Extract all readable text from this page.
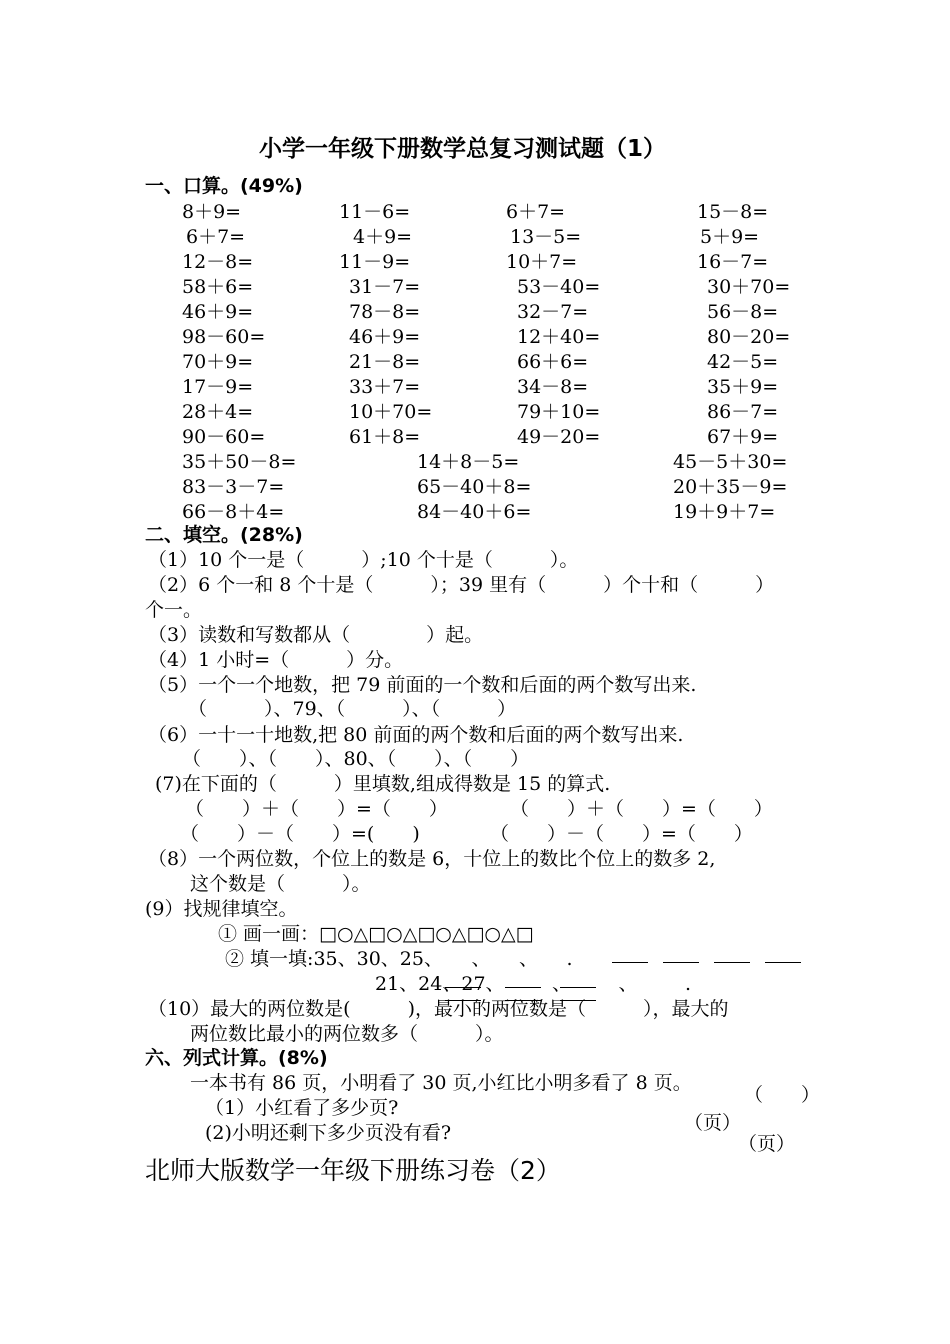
小学一年级下册数学总复习测试题（1）
一、口算。(49%)
8＋9=	11－6=	6＋7=	15－8=
6＋7=	4＋9=	13－5=	5＋9=
12－8=	11－9=	10＋7=	16－7=
58＋6=	31－7=	53－40=	30＋70=
46＋9=	78－8=	32－7=	56－8=
98－60=	46＋9=	12＋40=	80－20=
70＋9=	21－8=	66＋6=	42－5=
17－9=	33＋7=	34－8=	35＋9=
28＋4=	10＋70=	79＋10=	86－7=
90－60=	61＋8=	49－20=	67＋9=
35＋50－8=	14＋8－5=	45－5＋30=
83－3－7=	65－40＋8=	20＋35－9=
66－8＋4=	84－40＋6=	19＋9＋7=
二、填空。(28%)
（1）10 个一是（　　　）;10 个十是（　　　）。
（2）6 个一和 8 个十是（　　　）；39 里有（　　　）个十和（　　　）
个一。
（3）读数和写数都从（　　　　）起。
（4）1 小时=（　　　）分。
（5）一个一个地数，把 79 前面的一个数和后面的两个数写出来.
（　　　）、79、（　　　）、（　　　）
（6）一十一十地数,把 80 前面的两个数和后面的两个数写出来.
（　　）、（　　）、80、（　　）、（　　）
(7)在下面的（　　　）里填数,组成得数是 15 的算式.
（　　）＋（　　）=（　　）	（　　）＋（　　）=（　　）
（　　）－（　　）=(　　)	（　　）－（　　）=（　　）
（8）一个两位数，个位上的数是 6，十位上的数比个位上的数多 2,
这个数是（　　　）。
(9）找规律填空。
① 画一画：□○△□○△□○△□○△□
② 填一填:35、30、25、　　、　　、　　.
21、24、27、　　　、　　　、　　　.
（10）最大的两位数是(　　　)，最小的两位数是（　　　），最大的
两位数比最小的两位数多（　　　）。
六、列式计算。(8%)
一本书有 86 页，小明看了 30 页,小红比小明多看了 8 页。
（1）小红看了多少页?
(2)小明还剩下多少页没有看?
（　　）
（页）
（页）
北师大版数学一年级下册练习卷（2）
